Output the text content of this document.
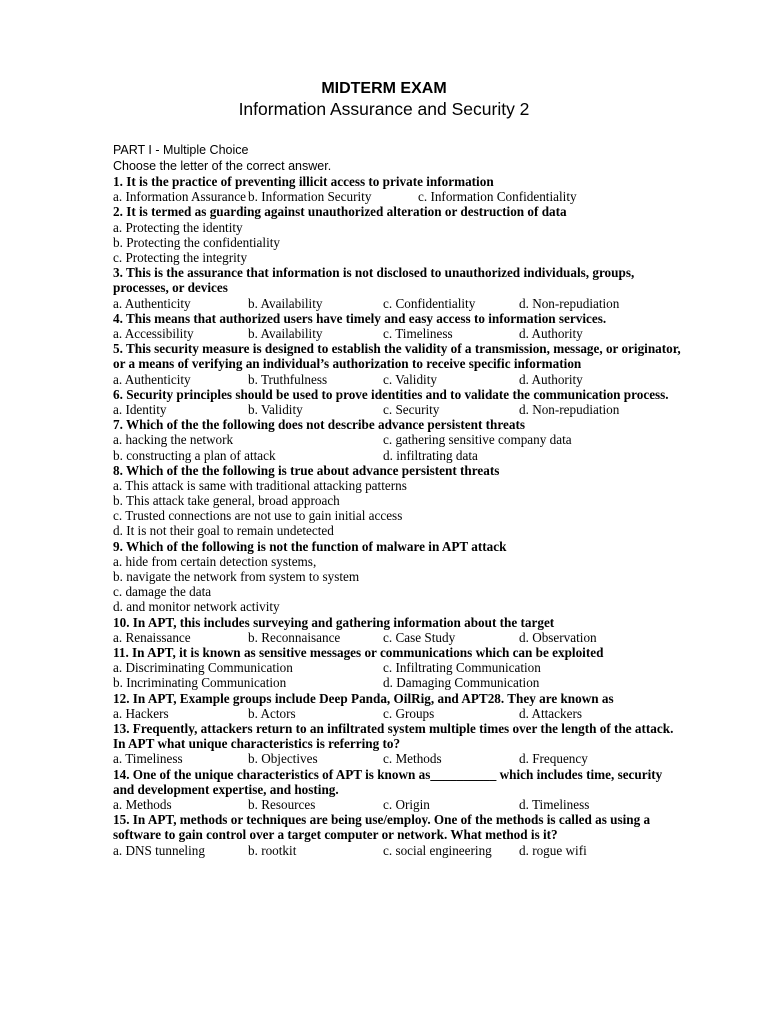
MIDTERM EXAM
Information Assurance and Security 2
PART I - Multiple Choice
Choose the letter of the correct answer.
1. It is the practice of preventing illicit access to private information
a. Information Assurance b. Information Security	c. Information Confidentiality
2. It is termed as guarding against unauthorized alteration or destruction of data
a. Protecting the identity
b. Protecting the confidentiality
c. Protecting the integrity
3. This is the assurance that information is not disclosed to unauthorized individuals, groups, processes, or devices
a. Authenticity	b. Availability	c. Confidentiality	d. Non-repudiation
4. This means that authorized users have timely and easy access to information services.
a. Accessibility	b. Availability	c. Timeliness	d. Authority
5. This security measure is designed to establish the validity of a transmission, message, or originator, or a means of verifying an individual’s authorization to receive specific information
a. Authenticity	b. Truthfulness	c. Validity	d. Authority
6. Security principles should be used to prove identities and to validate the communication process.
a. Identity	b. Validity	c. Security	d. Non-repudiation
7. Which of the the following does not describe advance persistent threats
a. hacking the network	c. gathering sensitive company data
b. constructing a plan of attack	d. infiltrating data
8. Which of the the following is true about advance persistent threats
a. This attack is same with traditional attacking patterns
b. This attack take general, broad approach
c. Trusted connections are not use to gain initial access
d. It is not their goal to remain undetected
9. Which of the following is not the function of malware in APT attack
a. hide from certain detection systems,
b. navigate the network from system to system
c. damage the data
d. and monitor network activity
10. In APT, this includes surveying and gathering information about the target
a. Renaissance	b. Reconnaisance	c. Case Study	d. Observation
11. In APT, it is known as sensitive messages or communications which can be exploited
a. Discriminating Communication	c. Infiltrating Communication
b. Incriminating Communication	d. Damaging Communication
12. In APT, Example groups include Deep Panda, OilRig, and APT28. They are known as
a. Hackers	b. Actors	c. Groups	d. Attackers
13. Frequently, attackers return to an infiltrated system multiple times over the length of the attack. In APT what unique characteristics is referring to?
a. Timeliness	b. Objectives	c. Methods	d. Frequency
14. One of the unique characteristics of APT is known as__________ which includes time, security and development expertise, and hosting.
a. Methods	b. Resources	c. Origin	d. Timeliness
15. In APT, methods or techniques are being use/employ. One of the methods is called as using a software to gain control over a target computer or network. What method is it?
a. DNS tunneling	b. rootkit	c. social engineering d. rogue wifi
